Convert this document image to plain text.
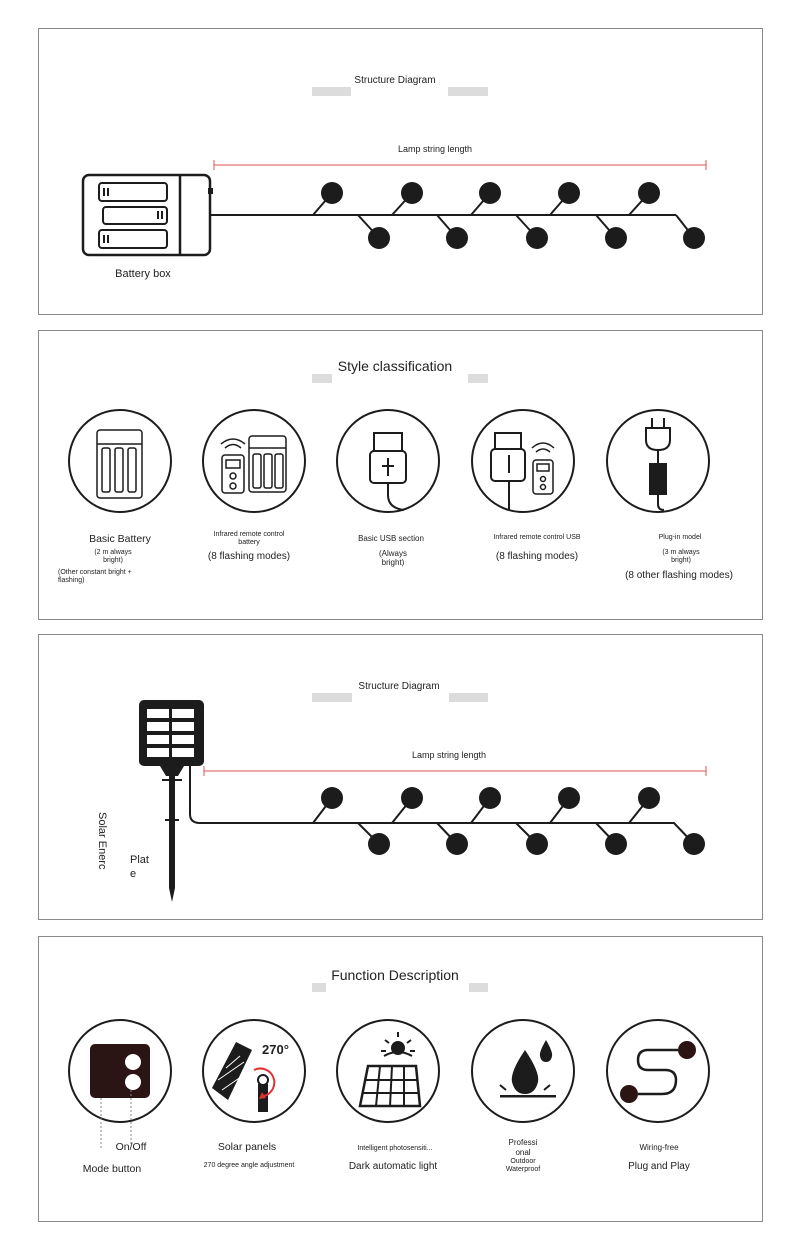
Structure Diagram
Lamp string length
Battery box
Style classification
Basic Battery
(2 m always bright)
(Other constant bright + flashing)
Infrared remote control battery
(8 flashing modes)
Basic USB section
(Always bright)
Infrared remote control USB
(8 flashing modes)
Plug-in model
(3 m always bright)
(8 other flashing modes)
Structure Diagram
Lamp string length
Solar Enerc Plat
e
Function Description
270°
On/Off
Mode button
Solar panels
270 degree angle adjustment
Intelligent photosensiti...
Dark automatic light
Professi
onal
Outdoor
Waterproof
Wiring-free
Plug and Play
